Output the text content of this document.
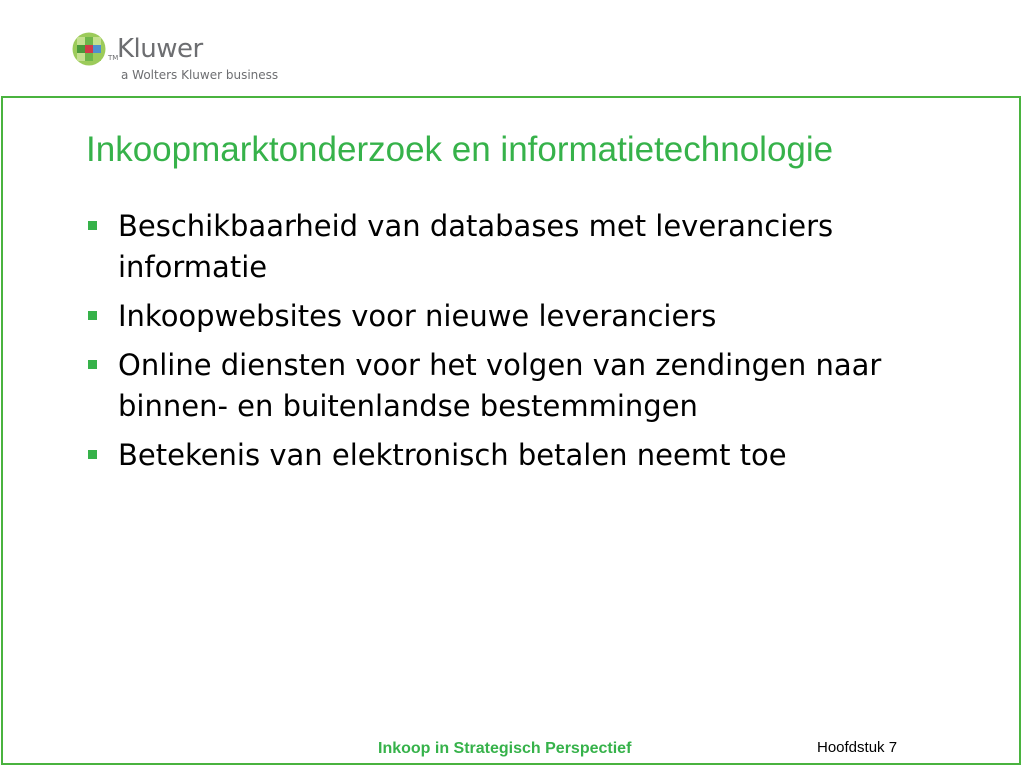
TM
Kluwer
a Wolters Kluwer business
Inkoopmarktonderzoek en informatietechnologie
Beschikbaarheid van databases met leveranciers informatie
Inkoopwebsites voor nieuwe leveranciers
Online diensten voor het volgen van zendingen naar binnen- en buitenlandse bestemmingen
Betekenis van elektronisch betalen neemt toe
Inkoop in Strategisch Perspectief	Hoofdstuk 7
